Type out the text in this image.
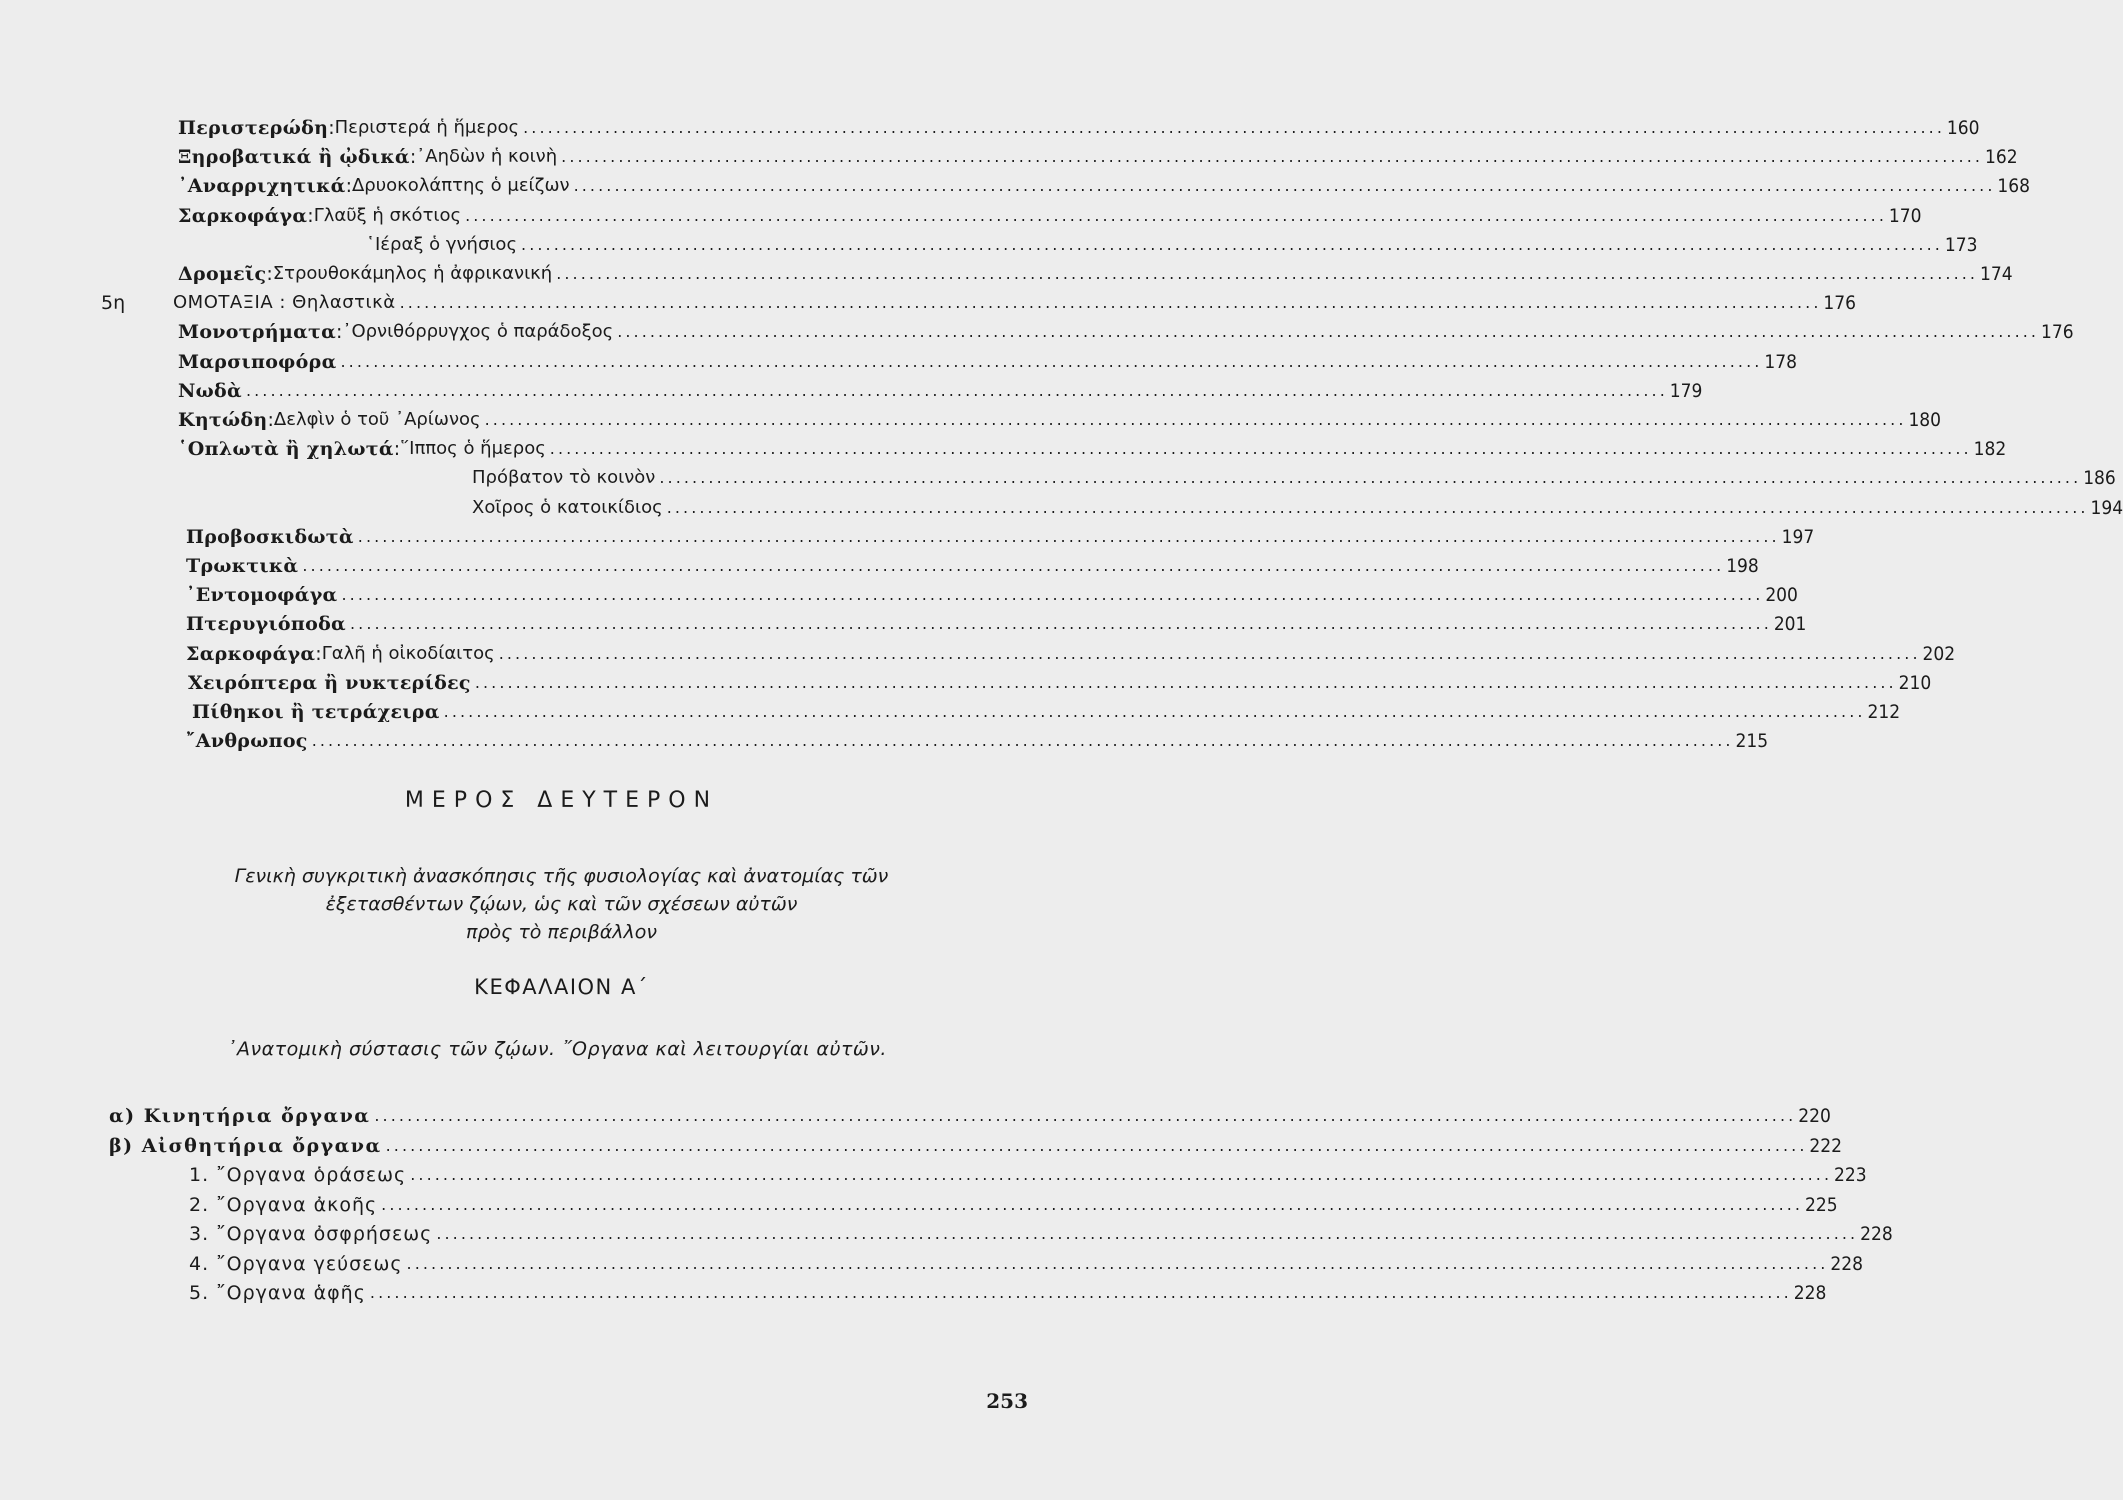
Περιστερώδη : Περιστερά ἡ ἥμερος . . .	160
Ξηροβατικά ἢ ᾠδικά : ᾿Αηδὼν ἡ κοινὴ . . .	162
᾿Αναρριχητικά : Δρυοκολάπτης ὁ μείζων . . .	168
Σαρκοφάγα : Γλαῦξ ἡ σκότιος . . .	170
῾Ιέραξ ὁ γνήσιος . . .	173
Δρομεῖς : Στρουθοκάμηλος ἡ ἀφρικανική . . .	174
5η	ΟΜΟΤΑΞΙΑ : Θηλαστικὰ . . .	176
Μονοτρήματα : ᾿Ορνιθόρρυγχος ὁ παράδοξος . . .	176
Μαρσιποφόρα . . .	178
Νωδὰ . . .	179
Κητώδη : Δελφὶν ὁ τοῦ ᾿Αρίωνος . . .	180
῾Οπλωτὰ ἢ χηλωτά : ῞Ιππος ὁ ἥμερος . . .	182
Πρόβατον τὸ κοινὸν . . .	186
Χοῖρος ὁ κατοικίδιος . . .	194
Προβοσκιδωτὰ . . .	197
Τρωκτικὰ . . .	198
᾿Εντομοφάγα . . .	200
Πτερυγιόποδα . . .	201
Σαρκοφάγα : Γαλῆ ἡ οἰκοδίαιτος . . .	202
Χειρόπτερα ἢ νυκτερίδες . . .	210
Πίθηκοι ἢ τετράχειρα . . .	212
῎Ανθρωπος . . .	215
ΜΕΡΟΣ ΔΕΥΤΕΡΟΝ
Γενικὴ συγκριτικὴ ἀνασκόπησις τῆς φυσιολογίας καὶ ἀνατομίας τῶν
ἐξετασθέντων ζῴων, ὡς καὶ τῶν σχέσεων αὐτῶν
πρὸς τὸ περιβάλλον
ΚΕΦΑΛΑΙΟΝ Α΄
᾿Ανατομικὴ σύστασις τῶν ζῴων. ῎Οργανα καὶ λειτουργίαι αὐτῶν.
α) Κινητήρια ὄργανα . . .	220
β) Αἰσθητήρια ὄργανα . . .	222
1. ῎Οργανα ὁράσεως . . .	223
2. ῎Οργανα ἀκοῆς . . .	225
3. ῎Οργανα ὀσφρήσεως . . .	228
4. ῎Οργανα γεύσεως . . .	228
5. ῎Οργανα ἁφῆς . . .	228
253
